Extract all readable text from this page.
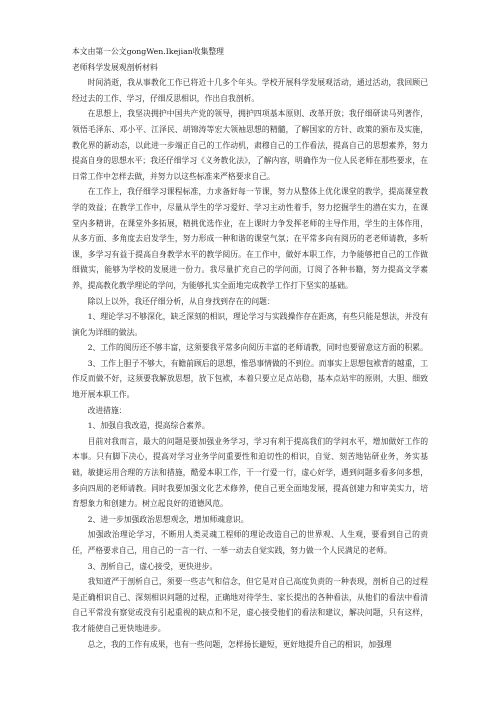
本文由第一公文gongWen.Ikejian收集整理

老师科学发展观剖析材料

时间消逝，我从事教化工作已将近十几多个年头。学校开展科学发展观活动，通过活动，我回顾已经过去的工作、学习，仔细反思相识，作出自我剖析。

在思想上，我坚决拥护中国共产党的领导，拥护四项基本原则、改革开放；我仔细研读马列著作，领悟毛泽东、邓小平、江泽民、胡锦涛等宏大领袖思想的精髓，了解国家的方针、政策的颁布及实施，教化界的新动态，以此进一步端正自己的工作动机，肃穆自己的工作看法，提高自己的思想素养，努力提高自身的思想水平；我还仔细学习《义务教化法》，了解内容，明确作为一位人民老师在那些要求，在日常工作中怎样去做，并努力以这些标准来严格要求自己。

在工作上，我仔细学习课程标准，力求备好每一节课，努力从整体上优化课堂的教学，提高课堂教学的效益；在教学工作中，尽量从学生的学习爱好、学习主动性着手，努力挖掘学生的潜在实力，在课堂内多精讲，在课堂外多拓展，精挑优选作业，在上课时力争发挥老师的主导作用，学生的主体作用，从多方面、多角度去启发学生，努力形成一种和谐的课堂气氛；在平常多向有阅历的老老师请教，多听课，多学习有益于提高自身教学水平的教学阅历。在工作中，做好本职工作，力争能够把自己的工作做细做实，能够为学校的发展进一份力。我尽量扩充自己的学问面，订阅了各种书籍，努力提高文学素养，提高教化教学理论的学问，为能够扎实全面地完成教学工作打下坚实的基础。

除以上以外，我还仔细分析，从自身找到存在的问题：

1、理论学习不够深化，缺乏深刻的相识，理论学习与实践操作存在距离，有些只能是想法，并没有演化为详细的做法。

2、工作的阅历还不够丰富，这须要我平常多向阅历丰富的老师请教，同时也要留意这方面的积累。

3、工作上胆子不够大，有瞻前顾后的思想，惟恐事情做的不到位。而事实上思想包袱背的越重，工作反而做不好，这须要我解放思想，放下包袱，本着只要立足点站稳，基本点站牢的原则，大胆、细致地开展本职工作。

改进措施：

1、加强自我改造，提高综合素养。

目前对我而言，最大的问题是要加强业务学习，学习有利于提高我们的学问水平，增加做好工作的本事。只有脚下决心，提高对学习业务学问重要性和迫切性的相识，自觉、刻苦地钻研业务，务实基础，敏捷运用合理的方法和措施，酷爱本职工作，干一行爱一行，虚心好学，遇到问题多看多问多想，多向四周的老师请教。同时我要加强文化艺术修养，使自己更全面地发展，提高创建力和审美实力，培育想象力和创建力。树立起良好的道德风范。

2、进一步加强政治思想观念，增加师魂意识。

加强政治理论学习，不断用人类灵魂工程师的理论改造自己的世界观、人生观，要看到自己的责任，严格要求自己，用自己的一言一行、一举一动去自觉实践，努力做一个人民满足的老师。

3、剖析自己，虚心接受，更快进步。

我知道严于剖析自己，须要一些志气和信念，但它是对自己高度负责的一种表现，剖析自己的过程是正确相识自己、深刻相识问题的过程，正确地对待学生、家长提出的各种看法，从他们的看法中看清自己平常没有察觉或没有引起重视的缺点和不足，虚心接受他们的看法和建议，解决问题，只有这样，我才能使自己更快地进步。

总之，我的工作有成果，也有一些问题，怎样扬长避短，更好地提升自己的相识，加强理
